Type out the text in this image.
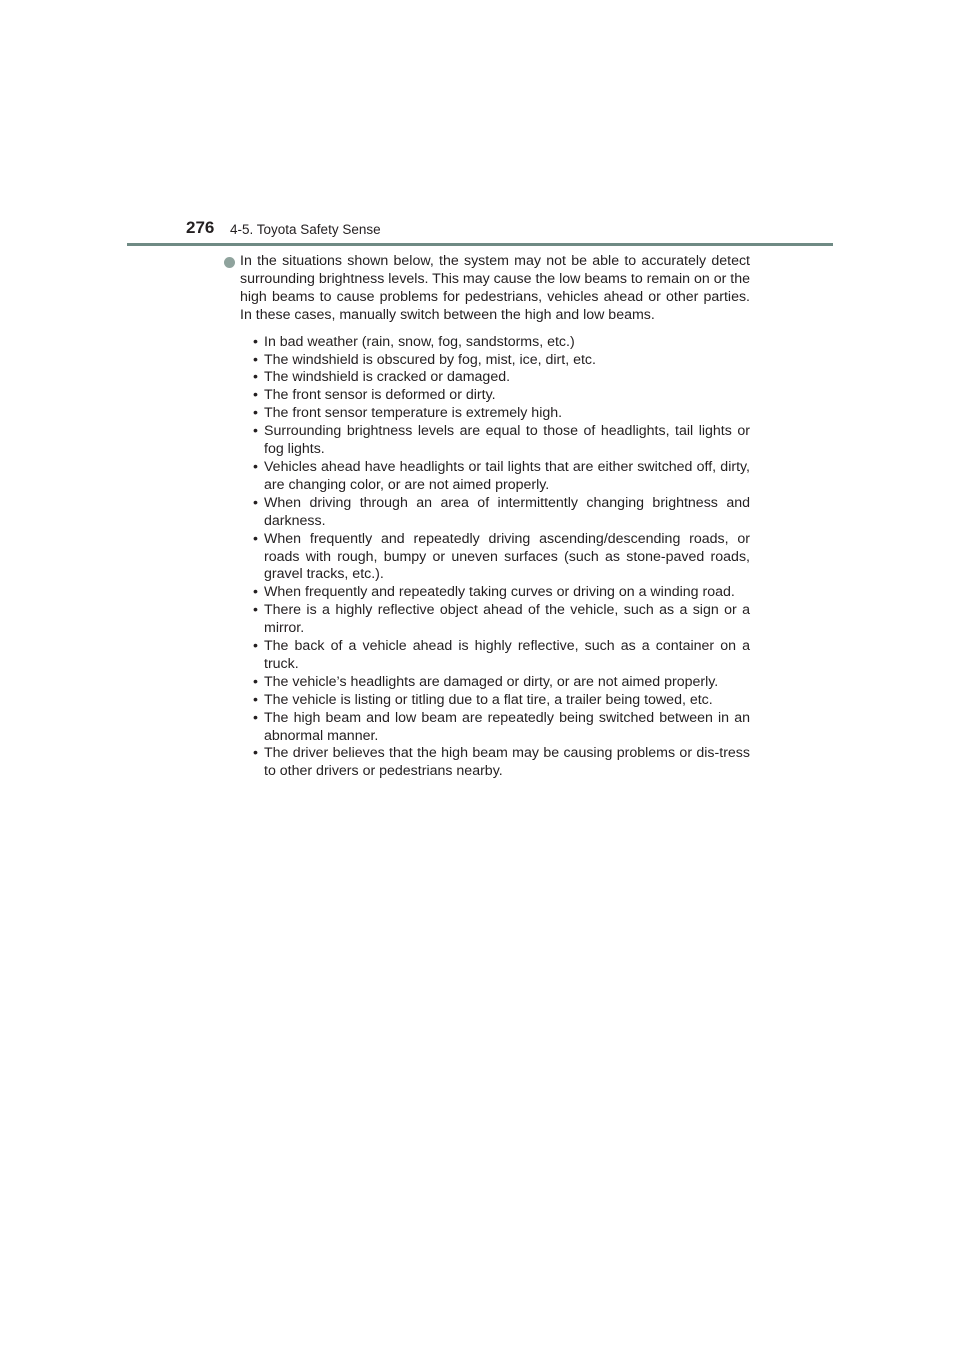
276 4-5. Toyota Safety Sense
In the situations shown below, the system may not be able to accurately detect surrounding brightness levels. This may cause the low beams to remain on or the high beams to cause problems for pedestrians, vehicles ahead or other parties. In these cases, manually switch between the high and low beams.
• In bad weather (rain, snow, fog, sandstorms, etc.)
• The windshield is obscured by fog, mist, ice, dirt, etc.
• The windshield is cracked or damaged.
• The front sensor is deformed or dirty.
• The front sensor temperature is extremely high.
• Surrounding brightness levels are equal to those of headlights, tail lights or fog lights.
• Vehicles ahead have headlights or tail lights that are either switched off, dirty, are changing color, or are not aimed properly.
• When driving through an area of intermittently changing brightness and darkness.
• When frequently and repeatedly driving ascending/descending roads, or roads with rough, bumpy or uneven surfaces (such as stone-paved roads, gravel tracks, etc.).
• When frequently and repeatedly taking curves or driving on a winding road.
• There is a highly reflective object ahead of the vehicle, such as a sign or a mirror.
• The back of a vehicle ahead is highly reflective, such as a container on a truck.
• The vehicle’s headlights are damaged or dirty, or are not aimed properly.
• The vehicle is listing or titling due to a flat tire, a trailer being towed, etc.
• The high beam and low beam are repeatedly being switched between in an abnormal manner.
• The driver believes that the high beam may be causing problems or dis-tress to other drivers or pedestrians nearby.
